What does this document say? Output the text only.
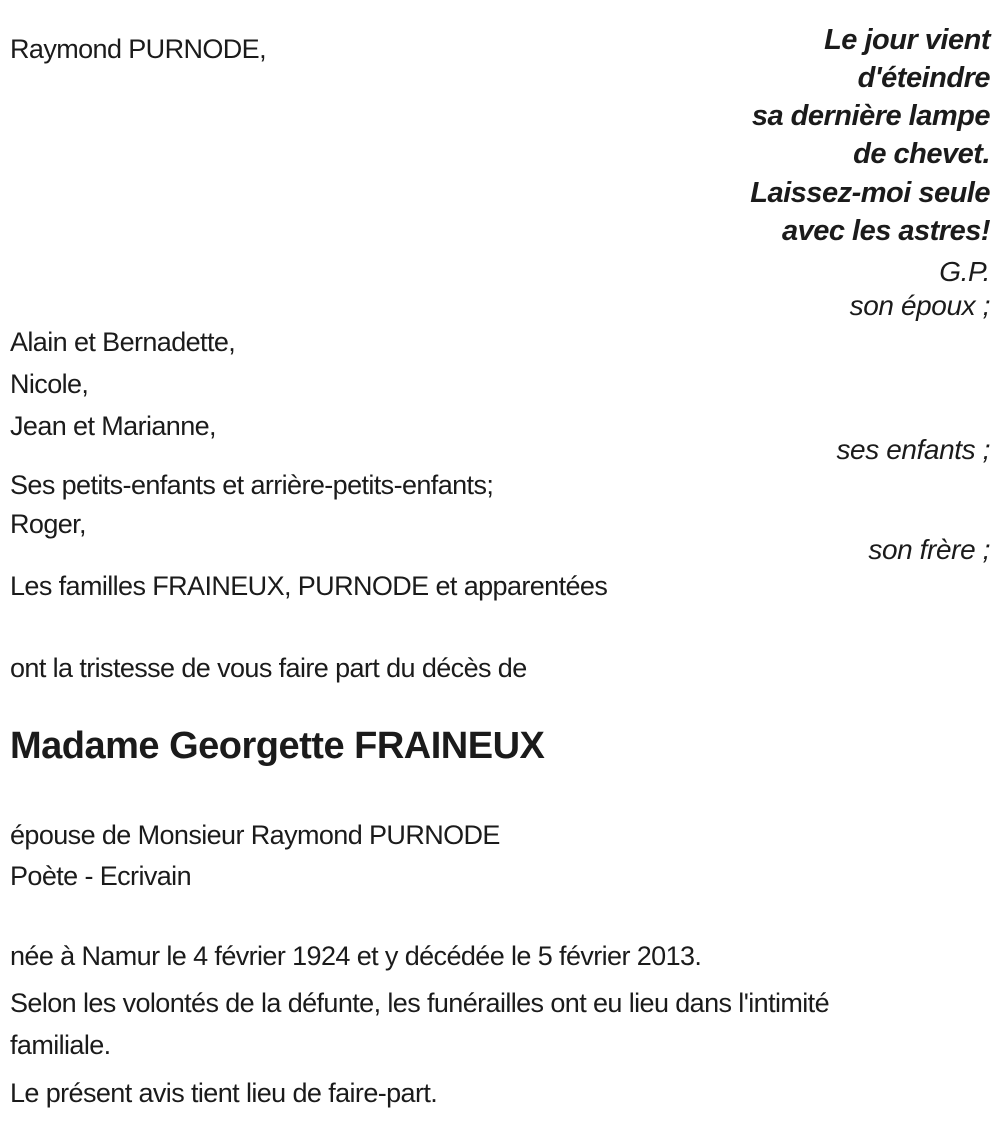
Raymond PURNODE,	Le jour vient
d'éteindre
sa dernière lampe
de chevet.
Laissez-moi seule
avec les astres!
G.P.
son époux ;
Alain et Bernadette,
Nicole,
Jean et Marianne,
ses enfants ;
Ses petits-enfants et arrière-petits-enfants;
Roger,
son frère ;
Les familles FRAINEUX, PURNODE et apparentées
ont la tristesse de vous faire part du décès de
Madame Georgette FRAINEUX
épouse de Monsieur Raymond PURNODE
Poète - Ecrivain
née à Namur le 4 février 1924 et y décédée le 5 février 2013.
Selon les volontés de la défunte, les funérailles ont eu lieu dans l'intimité
familiale.
Le présent avis tient lieu de faire-part.
